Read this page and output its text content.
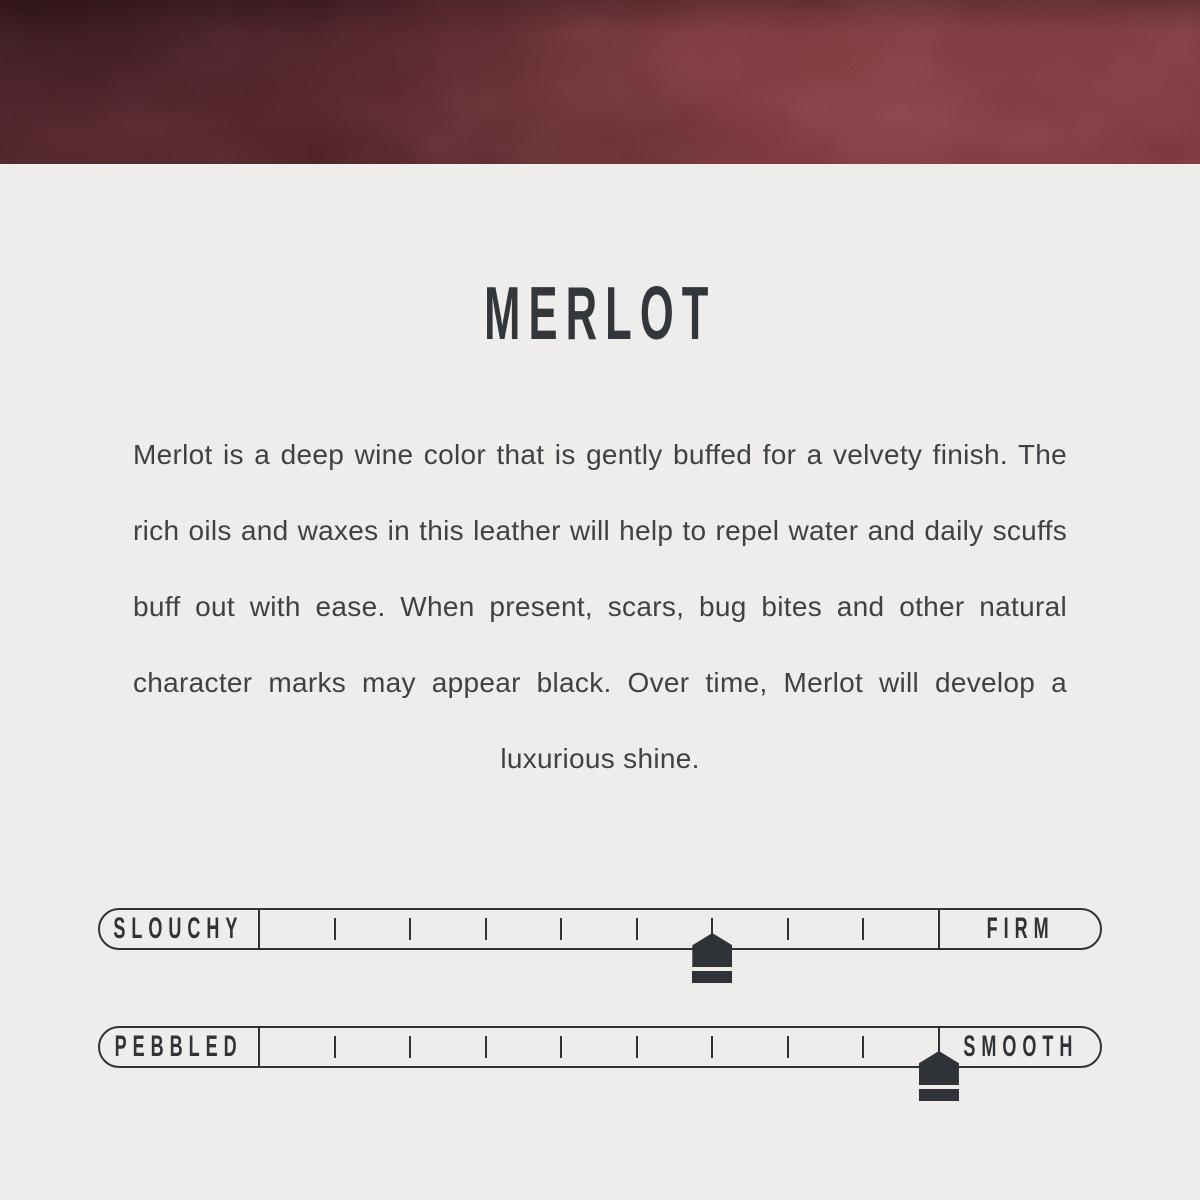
MERLOT

Merlot is a deep wine color that is gently buffed for a velvety finish. The rich oils and waxes in this leather will help to repel water and daily scuffs buff out with ease. When present, scars, bug bites and other natural character marks may appear black. Over time, Merlot will develop a luxurious shine.

SLOUCHY	FIRM
PEBBLED	SMOOTH
